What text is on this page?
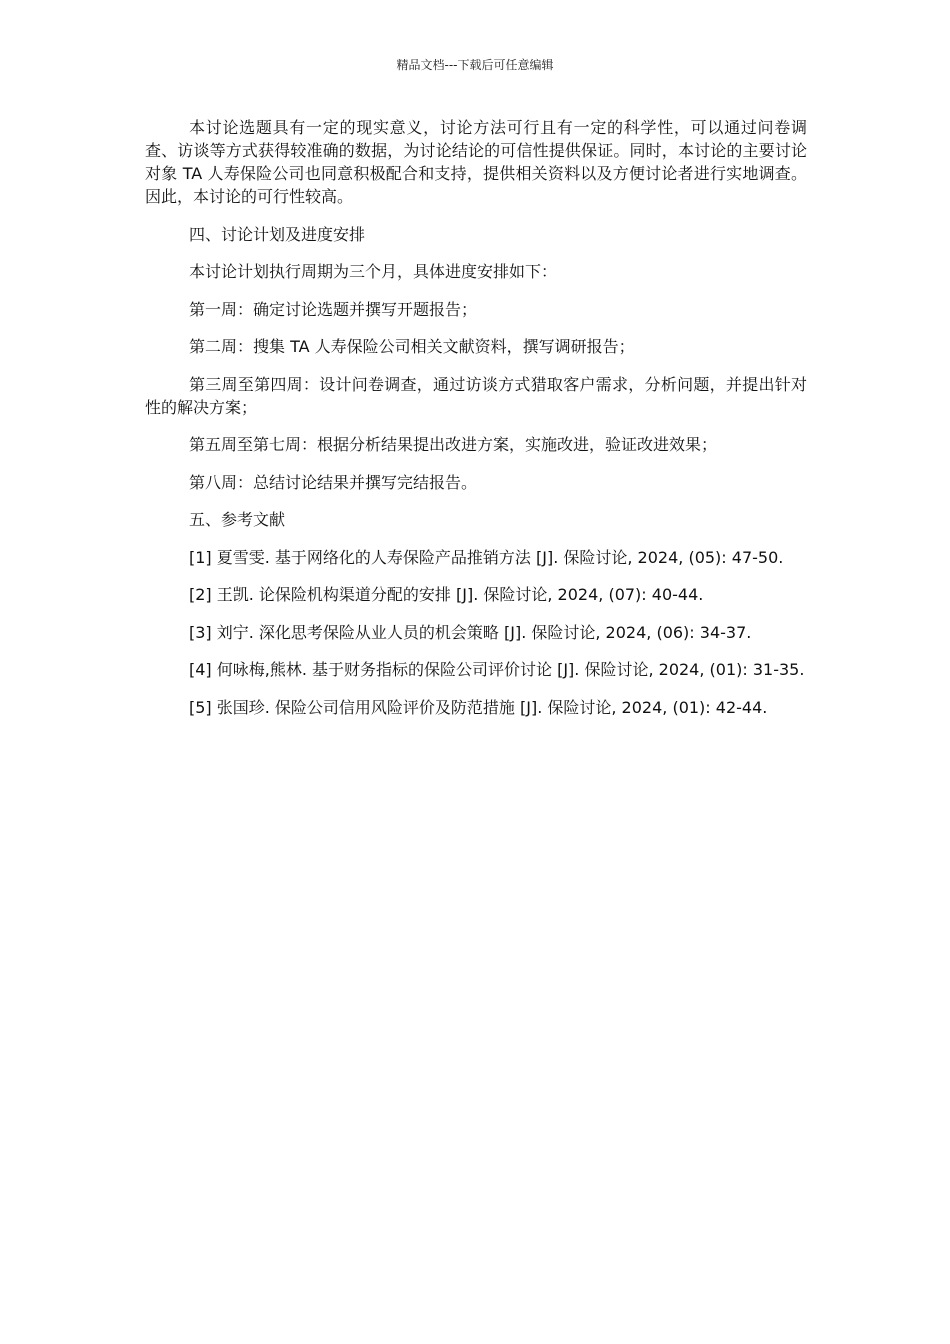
精品文档---下载后可任意编辑

本讨论选题具有一定的现实意义，讨论方法可行且有一定的科学性，可以通过问卷调查、访谈等方式获得较准确的数据，为讨论结论的可信性提供保证。同时，本讨论的主要讨论对象 TA 人寿保险公司也同意积极配合和支持，提供相关资料以及方便讨论者进行实地调查。因此，本讨论的可行性较高。

四、讨论计划及进度安排

本讨论计划执行周期为三个月，具体进度安排如下：

第一周：确定讨论选题并撰写开题报告；

第二周：搜集 TA 人寿保险公司相关文献资料，撰写调研报告；

第三周至第四周：设计问卷调查，通过访谈方式猎取客户需求，分析问题，并提出针对性的解决方案；

第五周至第七周：根据分析结果提出改进方案，实施改进，验证改进效果；

第八周：总结讨论结果并撰写完结报告。

五、参考文献

[1] 夏雪雯. 基于网络化的人寿保险产品推销方法 [J]. 保险讨论, 2024, (05): 47-50.

[2] 王凯. 论保险机构渠道分配的安排 [J]. 保险讨论, 2024, (07): 40-44.

[3] 刘宁. 深化思考保险从业人员的机会策略 [J]. 保险讨论, 2024, (06): 34-37.

[4] 何咏梅,熊林. 基于财务指标的保险公司评价讨论 [J]. 保险讨论, 2024, (01): 31-35.

[5] 张国珍. 保险公司信用风险评价及防范措施 [J]. 保险讨论, 2024, (01): 42-44.
